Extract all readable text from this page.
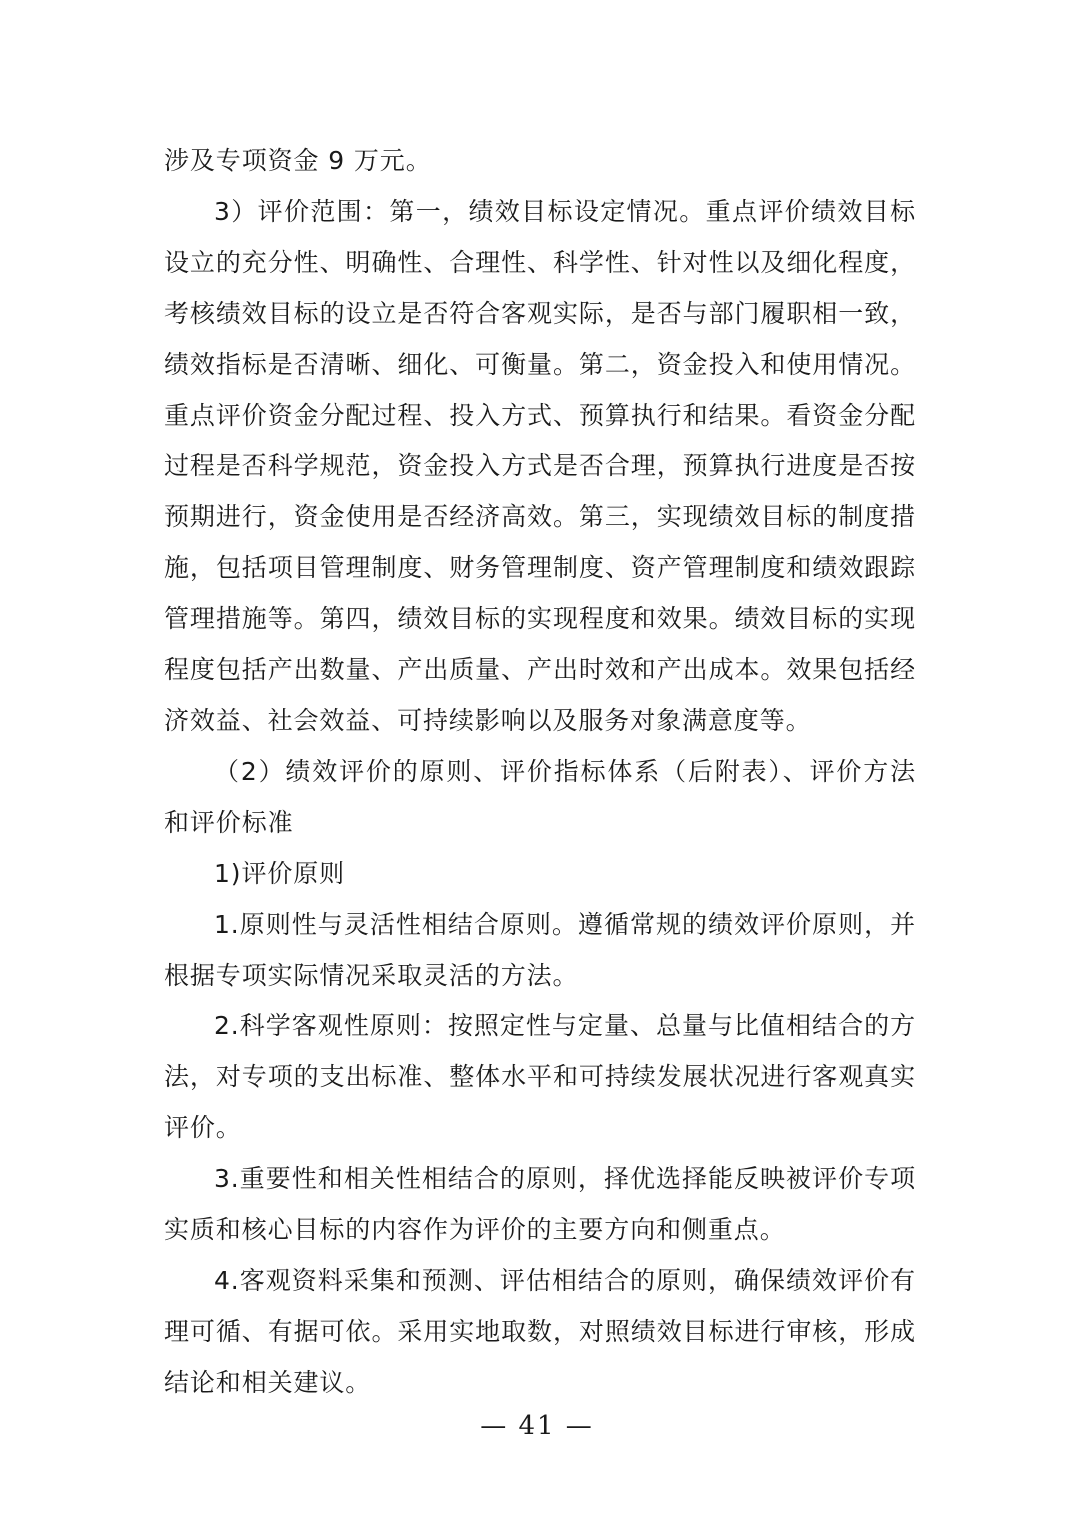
涉及专项资金 9 万元。

3）评价范围：第一，绩效目标设定情况。重点评价绩效目标设立的充分性、明确性、合理性、科学性、针对性以及细化程度，考核绩效目标的设立是否符合客观实际，是否与部门履职相一致，绩效指标是否清晰、细化、可衡量。第二，资金投入和使用情况。重点评价资金分配过程、投入方式、预算执行和结果。看资金分配过程是否科学规范，资金投入方式是否合理，预算执行进度是否按预期进行，资金使用是否经济高效。第三，实现绩效目标的制度措施，包括项目管理制度、财务管理制度、资产管理制度和绩效跟踪管理措施等。第四，绩效目标的实现程度和效果。绩效目标的实现程度包括产出数量、产出质量、产出时效和产出成本。效果包括经济效益、社会效益、可持续影响以及服务对象满意度等。

（2）绩效评价的原则、评价指标体系（后附表）、评价方法和评价标准

1)评价原则

1.原则性与灵活性相结合原则。遵循常规的绩效评价原则，并根据专项实际情况采取灵活的方法。

2.科学客观性原则：按照定性与定量、总量与比值相结合的方法，对专项的支出标准、整体水平和可持续发展状况进行客观真实评价。

3.重要性和相关性相结合的原则，择优选择能反映被评价专项实质和核心目标的内容作为评价的主要方向和侧重点。

4.客观资料采集和预测、评估相结合的原则，确保绩效评价有理可循、有据可依。采用实地取数，对照绩效目标进行审核，形成结论和相关建议。

— 41 —
